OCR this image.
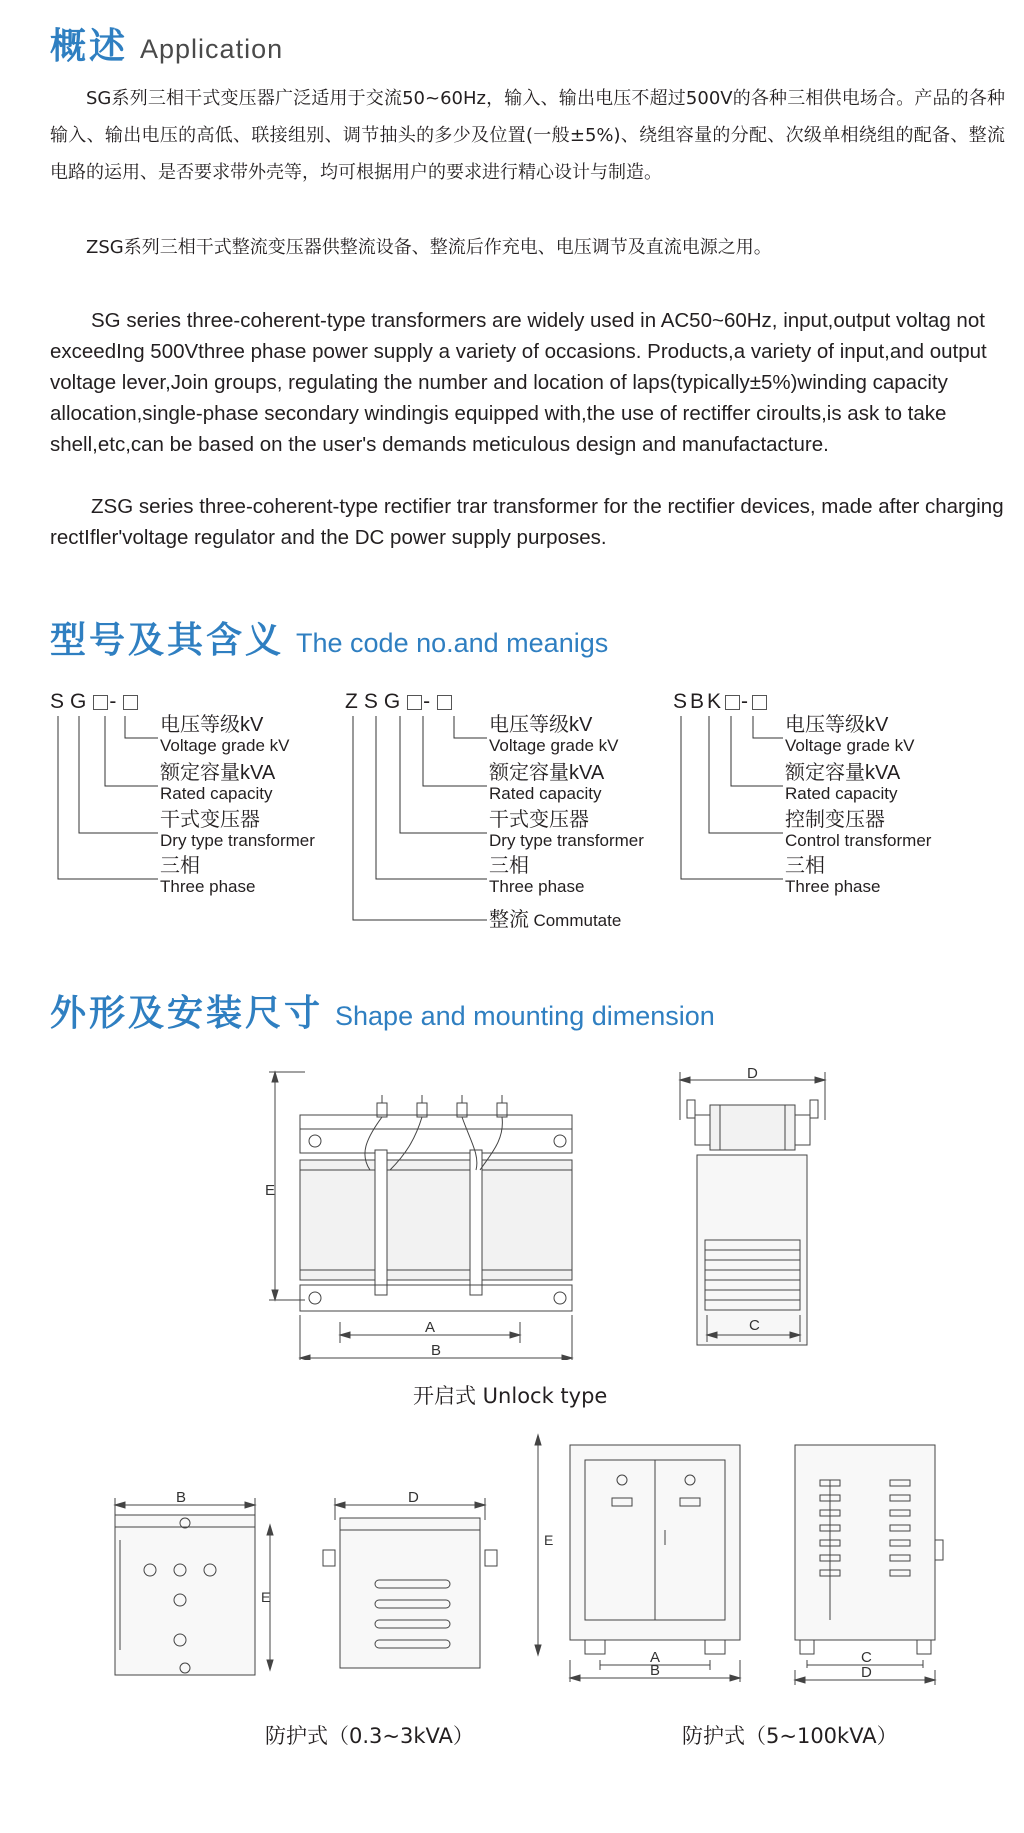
概述 Application

SG系列三相干式变压器广泛适用于交流50~60Hz，输入、输出电压不超过500V的各种三相供电场合。产品的各种输入、输出电压的高低、联接组别、调节抽头的多少及位置(一般±5%)、绕组容量的分配、次级单相绕组的配备、整流电路的运用、是否要求带外壳等，均可根据用户的要求进行精心设计与制造。

ZSG系列三相干式整流变压器供整流设备、整流后作充电、电压调节及直流电源之用。

SG series three-coherent-type transformers are widely used in AC50~60Hz, input,output voltag not exceedIng 500Vthree phase power supply a variety of occasions. Products,a variety of input,and output voltage lever,Join groups, regulating the number and location of laps(typically±5%)winding capacity allocation,single-phase secondary windingis equipped with,the use of rectiffer ciroults,is ask to take shell,etc,can be based on the user's demands meticulous design and manufactacture.

ZSG series three-coherent-type rectifier trar transformer for the rectifier devices, made after charging rectIfler'voltage regulator and the DC power supply purposes.

型号及其含义 The code no.and meanigs
SG -
电压等级kV
Voltage grade kV
额定容量kVA
Rated capacity
干式变压器
Dry type transformer
三相
Three phase
ZSG -
电压等级kV
Voltage grade kV
额定容量kVA
Rated capacity
干式变压器
Dry type transformer
三相
Three phase
整流 Commutate
SBK -
电压等级kV
Voltage grade kV
额定容量kVA
Rated capacity
控制变压器
Control transformer
三相
Three phase
外形及安装尺寸 Shape and mounting dimension
E
A
B
D
C
开启式 Unlock type
B
E
D
E
A
B
C
D
防护式（0.3~3kVA）	防护式（5~100kVA）
